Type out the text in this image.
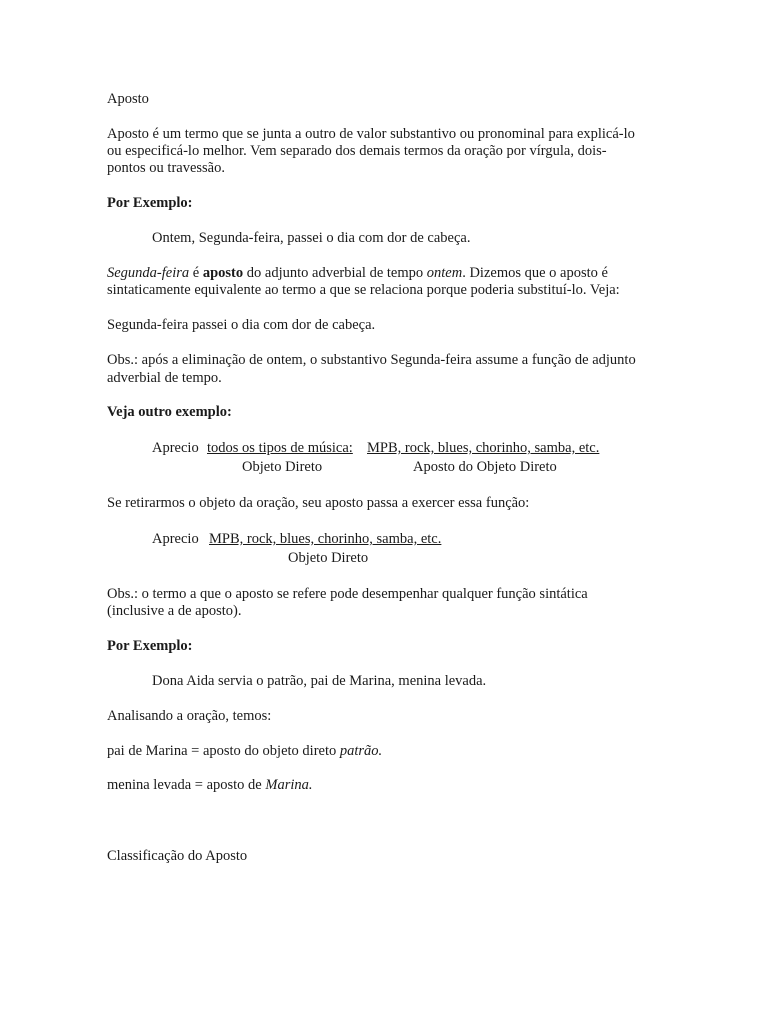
Aposto
Aposto é um termo que se junta a outro de valor substantivo ou pronominal para explicá-lo
ou especificá-lo melhor. Vem separado dos demais termos da oração por vírgula, dois-
pontos ou travessão.
Por Exemplo:
Ontem, Segunda-feira, passei o dia com dor de cabeça.
Segunda-feira é aposto do adjunto adverbial de tempo ontem. Dizemos que o aposto é
sintaticamente equivalente ao termo a que se relaciona porque poderia substituí-lo. Veja:
Segunda-feira passei o dia com dor de cabeça.
Obs.: após a eliminação de ontem, o substantivo Segunda-feira assume a função de adjunto
adverbial de tempo.
Veja outro exemplo:
Aprecio todos os tipos de música: MPB, rock, blues, chorinho, samba, etc.
Objeto Direto	Aposto do Objeto Direto
Se retirarmos o objeto da oração, seu aposto passa a exercer essa função:
Aprecio MPB, rock, blues, chorinho, samba, etc.
Objeto Direto
Obs.: o termo a que o aposto se refere pode desempenhar qualquer função sintática
(inclusive a de aposto).
Por Exemplo:
Dona Aida servia o patrão, pai de Marina, menina levada.
Analisando a oração, temos:
pai de Marina = aposto do objeto direto patrão.
menina levada = aposto de Marina.
Classificação do Aposto
